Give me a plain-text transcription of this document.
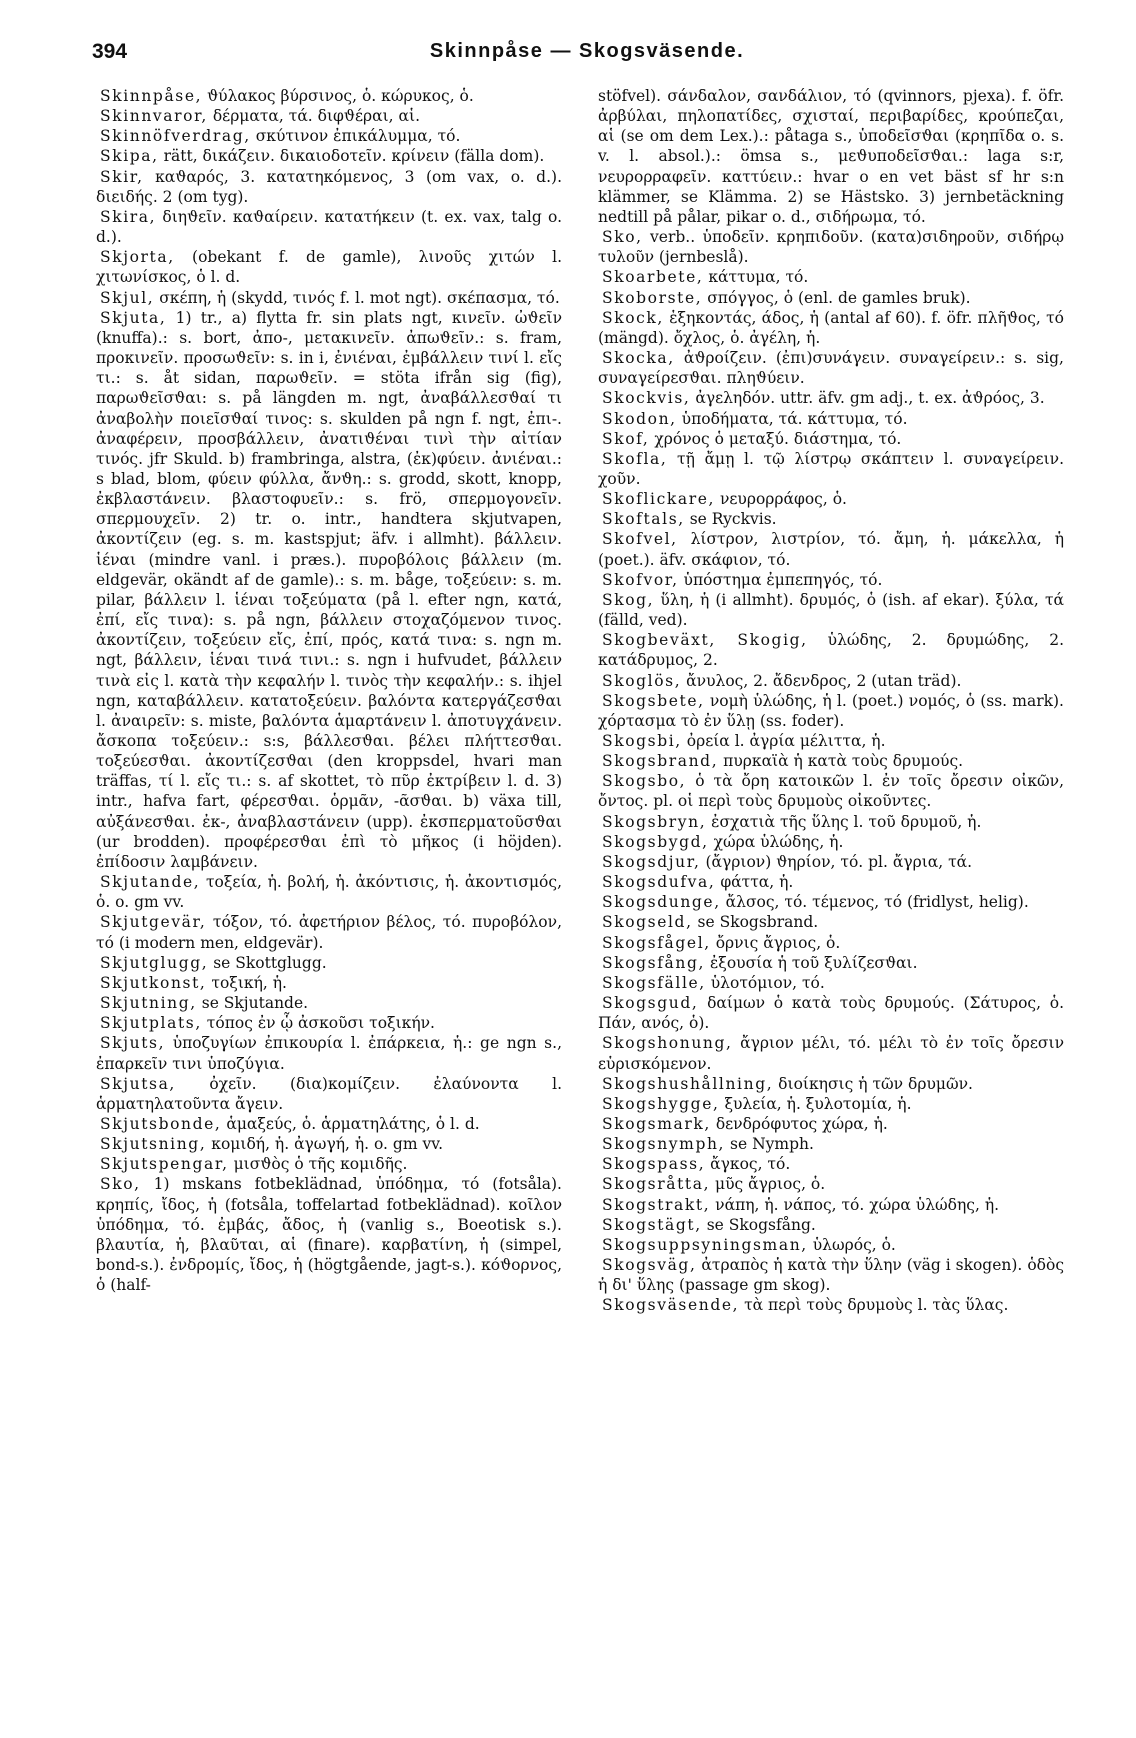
394	Skinnpåse — Skogsväsende.

Skinnpåse, ϑύλακος βύρσινος, ὁ. κώρυκος, ὁ.

Skinnvaror, δέρματα, τά. διφϑέραι, αἱ.

Skinnöfverdrag, σκύτινον ἐπικάλυμμα, τό.

Skipa, rätt, δικάζειν. δικαιοδοτεῖν. κρίνειν (fälla dom).

Skir, καϑαρός, 3. κατατηκόμενος, 3 (om vax, o. d.). διειδής. 2 (om tyg).

Skira, διηϑεῖν. καϑαίρειν. κατατήκειν (t. ex. vax, talg o. d.).

Skjorta, (obekant f. de gamle), λινοῦς χιτών l. χιτωνίσκος, ὁ l. d.

Skjul, σκέπη, ἡ (skydd, τινός f. l. mot ngt). σκέπασμα, τό.

Skjuta, 1) tr., a) flytta fr. sin plats ngt, κινεῖν. ὠϑεῖν (knuffa).: s. bort, ἀπο-, μετακινεῖν. ἀπωϑεῖν.: s. fram, προκινεῖν. προσωϑεῖν: s. in i, ἐνιέναι, ἐμβάλλειν τινί l. εἴς τι.: s. åt sidan, παρωϑεῖν. = stöta ifrån sig (fig), παρωϑεῖσϑαι: s. på längden m. ngt, ἀναβάλλεσϑαί τι ἀναβολὴν ποιεῖσϑαί τινος: s. skulden på ngn f. ngt, ἐπι-. ἀναφέρειν, προσβάλλειν, ἀνατιϑέναι τινὶ τὴν αἰτίαν τινός. jfr Skuld. b) frambringa, alstra, (ἐκ)φύειν. ἀνιέναι.: s blad, blom, φύειν φύλλα, ἄνϑη.: s. grodd, skott, knopp, ἐκβλαστάνειν. βλαστοφυεῖν.: s. frö, σπερμογονεῖν. σπερμουχεῖν. 2) tr. o. intr., handtera skjutvapen, ἀκοντίζειν (eg. s. m. kastspjut; äfv. i allmht). βάλλειν. ἱέναι (mindre vanl. i præs.). πυροβόλοις βάλλειν (m. eldgevär, okändt af de gamle).: s. m. båge, τοξεύειν: s. m. pilar, βάλλειν l. ἱέναι τοξεύματα (på l. efter ngn, κατά, ἐπί, εἴς τινα): s. på ngn, βάλλειν στοχαζόμενον τινος. ἀκοντίζειν, τοξεύειν εἴς, ἐπί, πρός, κατά τινα: s. ngn m. ngt, βάλλειν, ἱέναι τινά τινι.: s. ngn i hufvudet, βάλλειν τινὰ εἰς l. κατὰ τὴν κεφαλήν l. τινὸς τὴν κεφαλήν.: s. ihjel ngn, καταβάλλειν. κατατοξεύειν. βαλόντα κατεργάζεσϑαι l. ἀναιρεῖν: s. miste, βαλόντα ἁμαρτάνειν l. ἀποτυγχάνειν. ἄσκοπα τοξεύειν.: s:s, βάλλεσϑαι. βέλει πλήττεσϑαι. τοξεύεσϑαι. ἀκοντίζεσϑαι (den kroppsdel, hvari man träffas, τί l. εἴς τι.: s. af skottet, τὸ πῦρ ἐκτρίβειν l. d. 3) intr., hafva fart, φέρεσϑαι. ὁρμᾶν, -ᾶσϑαι. b) växa till, αὐξάνεσϑαι. ἐκ-, ἀναβλαστάνειν (upp). ἐκσπερματοῦσϑαι (ur brodden). προφέρεσϑαι ἐπὶ τὸ μῆκος (i höjden). ἐπίδοσιν λαμβάνειν.

Skjutande, τοξεία, ἡ. βολή, ἡ. ἀκόντισις, ἡ. ἀκοντισμός, ὁ. o. gm vv.

Skjutgevär, τόξον, τό. ἀφετήριον βέλος, τό. πυροβόλον, τό (i modern men, eldgevär).

Skjutglugg, se Skottglugg.

Skjutkonst, τοξική, ἡ.

Skjutning, se Skjutande.

Skjutplats, τόπος ἐν ᾧ ἀσκοῦσι τοξικήν.

Skjuts, ὑποζυγίων ἐπικουρία l. ἐπάρκεια, ἡ.: ge ngn s., ἐπαρκεῖν τινι ὑποζύγια.

Skjutsa, ὀχεῖν. (δια)κομίζειν. ἐλαύνοντα l. ἁρματηλατοῦντα ἄγειν.

Skjutsbonde, ἁμαξεύς, ὁ. ἁρματηλάτης, ὁ l. d.

Skjutsning, κομιδή, ἡ. ἀγωγή, ἡ. o. gm vv.

Skjutspengar, μισϑὸς ὁ τῆς κομιδῆς.

Sko, 1) mskans fotbeklädnad, ὑπόδημα, τό (fotsåla). κρηπίς, ἴδος, ἡ (fotsåla, toffelartad fotbeklädnad). κοῖλον ὑπόδημα, τό. ἐμβάς, ἄδος, ἡ (vanlig s., Boeotisk s.). βλαυτία, ἡ, βλαῦται, αἱ (finare). καρβατίνη, ἡ (simpel, bond-s.). ἐνδρομίς, ἴδος, ἡ (högtgående, jagt-s.). κόϑορνος, ὁ (half-

stöfvel). σάνδαλον, σανδάλιον, τό (qvinnors, pjexa). f. öfr. ἀρβύλαι, πηλοπατίδες, σχισταί, περιβαρίδες, κρούπεζαι, αἱ (se om dem Lex.).: påtaga s., ὑποδεῖσϑαι (κρηπῖδα o. s. v. l. absol.).: ömsa s., μεϑυποδεῖσϑαι.: laga s:r, νευρορραφεῖν. καττύειν.: hvar o en vet bäst sf hr s:n klämmer, se Klämma. 2) se Hästsko. 3) jernbetäckning nedtill på pålar, pikar o. d., σιδήρωμα, τό.

Sko, verb.. ὑποδεῖν. κρηπιδοῦν. (κατα)σιδηροῦν, σιδήρῳ τυλοῦν (jernbeslå).

Skoarbete, κάττυμα, τό.

Skoborste, σπόγγος, ὁ (enl. de gamles bruk).

Skock, ἑξηκοντάς, άδος, ἡ (antal af 60). f. öfr. πλῆϑος, τό (mängd). ὄχλος, ὁ. ἀγέλη, ἡ.

Skocka, ἀϑροίζειν. (ἐπι)συνάγειν. συναγείρειν.: s. sig, συναγείρεσϑαι. πληϑύειν.

Skockvis, ἀγεληδόν. uttr. äfv. gm adj., t. ex. ἀϑρόος, 3.

Skodon, ὑποδήματα, τά. κάττυμα, τό.

Skof, χρόνος ὁ μεταξύ. διάστημα, τό.

Skofla, τῇ ἄμῃ l. τῷ λίστρῳ σκάπτειν l. συναγείρειν. χοῦν.

Skoflickare, νευρορράφος, ὁ.

Skoftals, se Ryckvis.

Skofvel, λίστρον, λιστρίον, τό. ἄμη, ἡ. μάκελλα, ἡ (poet.). äfv. σκάφιον, τό.

Skofvor, ὑπόστημα ἐμπεπηγός, τό.

Skog, ὕλη, ἡ (i allmht). δρυμός, ὁ (ish. af ekar). ξύλα, τά (fälld, ved).

Skogbeväxt, Skogig, ὑλώδης, 2. δρυμώδης, 2. κατάδρυμος, 2.

Skoglös, ἄνυλος, 2. ἄδενδρος, 2 (utan träd).

Skogsbete, νομὴ ὑλώδης, ἡ l. (poet.) νομός, ὁ (ss. mark). χόρτασμα τὸ ἐν ὕλῃ (ss. foder).

Skogsbi, ὀρεία l. ἀγρία μέλιττα, ἡ.

Skogsbrand, πυρκαϊὰ ἡ κατὰ τοὺς δρυμούς.

Skogsbo, ὁ τὰ ὄρη κατοικῶν l. ἐν τοῖς ὄρεσιν οἰκῶν, ὄντος. pl. οἱ περὶ τοὺς δρυμοὺς οἰκοῦντες.

Skogsbryn, ἐσχατιὰ τῆς ὕλης l. τοῦ δρυμοῦ, ἡ.

Skogsbygd, χώρα ὑλώδης, ἡ.

Skogsdjur, (ἄγριον) ϑηρίον, τό. pl. ἄγρια, τά.

Skogsdufva, φάττα, ἡ.

Skogsdunge, ἄλσος, τό. τέμενος, τό (fridlyst, helig).

Skogseld, se Skogsbrand.

Skogsfågel, ὄρνις ἄγριος, ὁ.

Skogsfång, ἐξουσία ἡ τοῦ ξυλίζεσϑαι.

Skogsfälle, ὑλοτόμιον, τό.

Skogsgud, δαίμων ὁ κατὰ τοὺς δρυμούς. (Σάτυρος, ὁ. Πάν, ανός, ὁ).

Skogshonung, ἄγριον μέλι, τό. μέλι τὸ ἐν τοῖς ὄρεσιν εὑρισκόμενον.

Skogshushållning, διοίκησις ἡ τῶν δρυμῶν.

Skogshygge, ξυλεία, ἡ. ξυλοτομία, ἡ.

Skogsmark, δενδρόφυτος χώρα, ἡ.

Skogsnymph, se Nymph.

Skogspass, ἄγκος, τό.

Skogsråtta, μῦς ἄγριος, ὁ.

Skogstrakt, νάπη, ἡ. νάπος, τό. χώρα ὑλώδης, ἡ.

Skogstägt, se Skogsfång.

Skogsuppsyningsman, ὑλωρός, ὁ.

Skogsväg, ἀτραπὸς ἡ κατὰ τὴν ὕλην (väg i skogen). ὁδὸς ἡ δι' ὕλης (passage gm skog).

Skogsväsende, τὰ περὶ τοὺς δρυμοὺς l. τὰς ὕλας.
